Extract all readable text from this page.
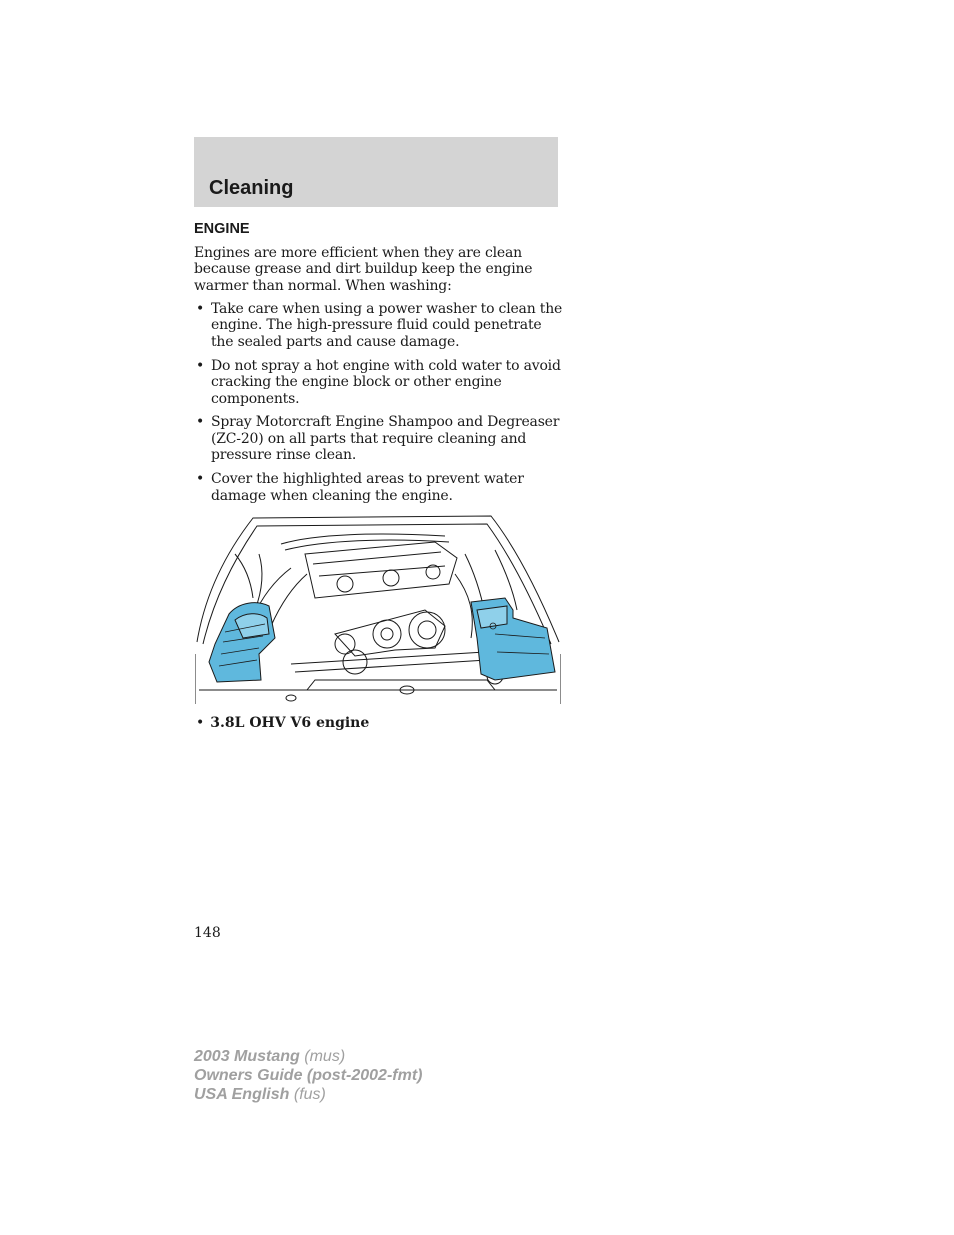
Cleaning
ENGINE

Engines are more efficient when they are clean because grease and dirt buildup keep the engine warmer than normal. When washing:

• Take care when using a power washer to clean the engine. The high-pressure fluid could penetrate the sealed parts and cause damage.
• Do not spray a hot engine with cold water to avoid cracking the engine block or other engine components.
• Spray Motorcraft Engine Shampoo and Degreaser (ZC-20) on all parts that require cleaning and pressure rinse clean.
• Cover the highlighted areas to prevent water damage when cleaning the engine.

• 3.8L OHV V6 engine

148

2003 Mustang (mus)
Owners Guide (post-2002-fmt)
USA English (fus)
